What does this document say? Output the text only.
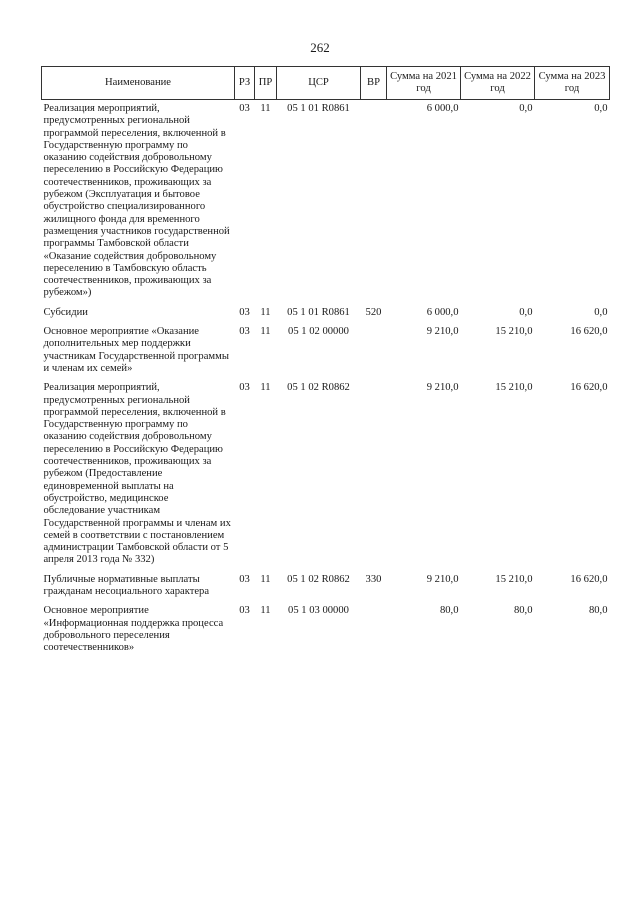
262
Наименование	РЗ	ПР	ЦСР	ВР	Сумма на 2021 год	Сумма на 2022 год	Сумма на 2023 год
Реализация мероприятий, предусмотренных региональной программой переселения, включенной в Государственную программу по оказанию содействия добровольному переселению в Российскую Федерацию соотечественников, проживающих за рубежом (Эксплуатация и бытовое обустройство специализированного жилищного фонда для временного размещения участников государственной программы Тамбовской области «Оказание содействия добровольному переселению в Тамбовскую область соотечественников, проживающих за рубежом»)	03	11	05 1 01 R0861		6 000,0	0,0	0,0
Субсидии	03	11	05 1 01 R0861	520	6 000,0	0,0	0,0
Основное мероприятие «Оказание дополнительных мер поддержки участникам Государственной программы и членам их семей»	03	11	05 1 02 00000		9 210,0	15 210,0	16 620,0
Реализация мероприятий, предусмотренных региональной программой переселения, включенной в Государственную программу по оказанию содействия добровольному переселению в Российскую Федерацию соотечественников, проживающих за рубежом (Предоставление единовременной выплаты на обустройство, медицинское обследование участникам Государственной программы и членам их семей в соответствии с постановлением администрации Тамбовской области от 5 апреля 2013 года № 332)	03	11	05 1 02 R0862		9 210,0	15 210,0	16 620,0
Публичные нормативные выплаты гражданам несоциального характера	03	11	05 1 02 R0862	330	9 210,0	15 210,0	16 620,0
Основное мероприятие «Информационная поддержка процесса добровольного переселения соотечественников»	03	11	05 1 03 00000		80,0	80,0	80,0
